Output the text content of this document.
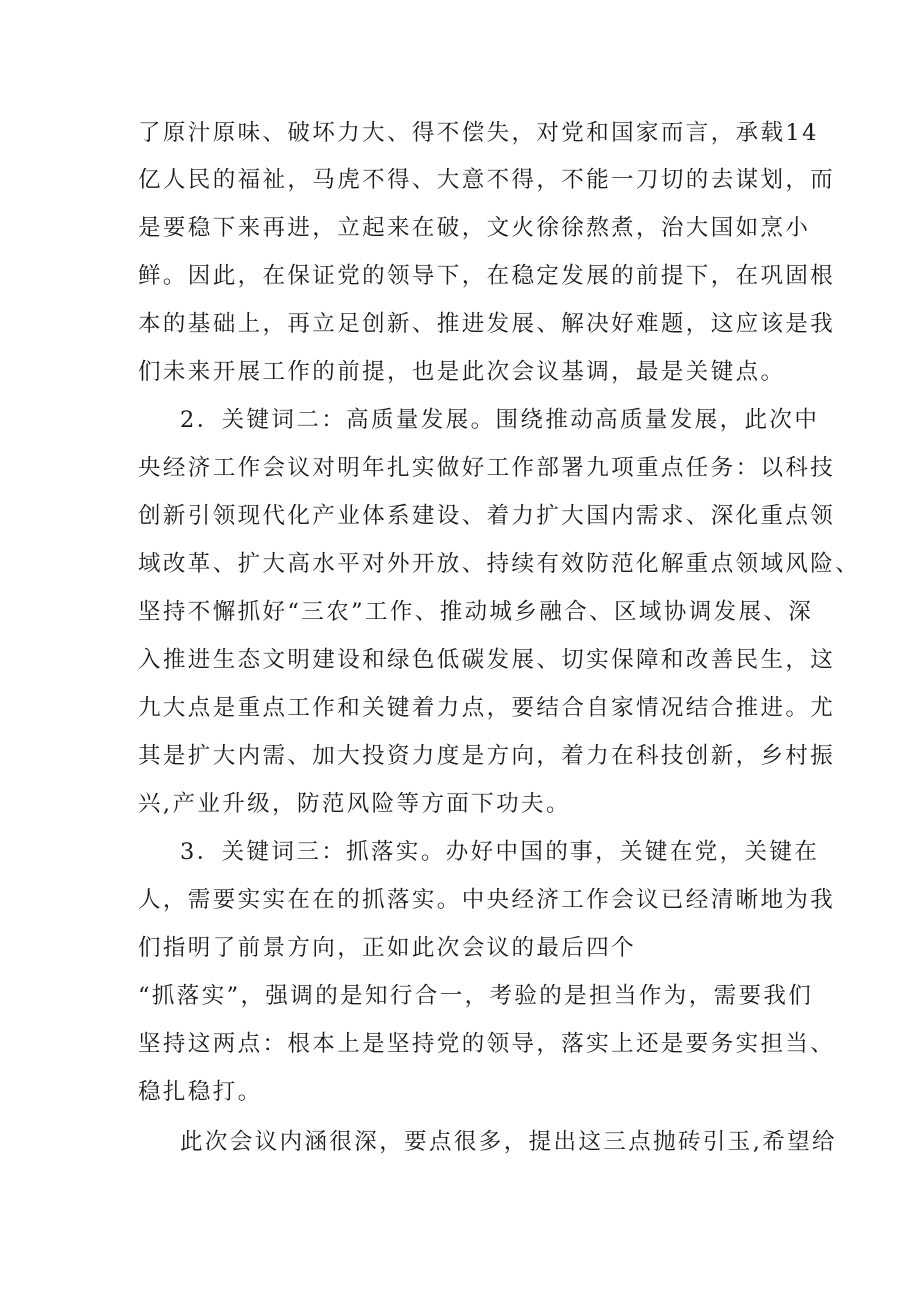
了原汁原味、破坏力大、得不偿失，对党和国家而言，承载14
亿人民的福祉，马虎不得、大意不得，不能一刀切的去谋划，而
是要稳下来再进，立起来在破，文火徐徐熬煮，治大国如烹小
鲜。因此，在保证党的领导下，在稳定发展的前提下，在巩固根
本的基础上，再立足创新、推进发展、解决好难题，这应该是我
们未来开展工作的前提，也是此次会议基调，最是关键点。
2．关键词二：高质量发展。围绕推动高质量发展，此次中
央经济工作会议对明年扎实做好工作部署九项重点任务：以科技
创新引领现代化产业体系建设、着力扩大国内需求、深化重点领
域改革、扩大高水平对外开放、持续有效防范化解重点领域风险、
坚持不懈抓好“三农”工作、推动城乡融合、区域协调发展、深
入推进生态文明建设和绿色低碳发展、切实保障和改善民生，这
九大点是重点工作和关键着力点，要结合自家情况结合推进。尤
其是扩大内需、加大投资力度是方向，着力在科技创新，乡村振
兴,产业升级，防范风险等方面下功夫。
3．关键词三：抓落实。办好中国的事，关键在党，关键在
人，需要实实在在的抓落实。中央经济工作会议已经清晰地为我
们指明了前景方向，正如此次会议的最后四个
“抓落实”，强调的是知行合一，考验的是担当作为，需要我们
坚持这两点：根本上是坚持党的领导，落实上还是要务实担当、
稳扎稳打。
此次会议内涵很深，要点很多，提出这三点抛砖引玉,希望给
